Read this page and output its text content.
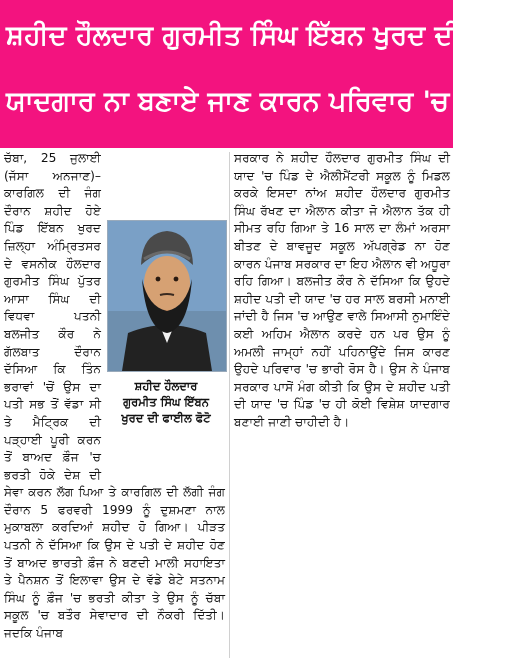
ਸ਼ਹੀਦ ਹੌਲਦਾਰ ਗੁਰਮੀਤ ਸਿੰਘ ਇੱਬਨ ਖੁਰਦ ਦੀ ਢੁਕਵੀਂ
ਯਾਦਗਾਰ ਨਾ ਬਣਾਏ ਜਾਣ ਕਾਰਨ ਪਰਿਵਾਰ 'ਚ ਰੋਸ
ਸ਼ਹੀਦ ਹੌਲਦਾਰ
ਗੁਰਮੀਤ ਸਿੰਘ ਇੱਬਨ
ਖੁਰਦ ਦੀ ਫਾਈਲ ਫੋਟੋ

ਚੱਬਾ, 25 ਜੁਲਾਈ (ਜੱਸਾ ਅਨਜਾਣ)–ਕਾਰਗਿਲ ਦੀ ਜੰਗ ਦੌਰਾਨ ਸ਼ਹੀਦ ਹੋਏ ਪਿੰਡ ਇੱਬਨ ਖੁਰਦ ਜ਼ਿਲ੍ਹਾ ਅੰਮ੍ਰਿਤਸਰ ਦੇ ਵਸਨੀਕ ਹੌਲਦਾਰ ਗੁਰਮੀਤ ਸਿੰਘ ਪੁੱਤਰ ਆਸਾ ਸਿੰਘ ਦੀ ਵਿਧਵਾ ਪਤਨੀ ਬਲਜੀਤ ਕੌਰ ਨੇ ਗੱਲਬਾਤ ਦੌਰਾਨ ਦੱਸਿਆ ਕਿ ਤਿੰਨ ਭਰਾਵਾਂ 'ਚੋਂ ਉਸ ਦਾ ਪਤੀ ਸਭ ਤੋਂ ਵੱਡਾ ਸੀ ਤੇ ਮੈਟ੍ਰਿਕ ਦੀ ਪੜ੍ਹਾਈ ਪੂਰੀ ਕਰਨ ਤੋਂ ਬਾਅਦ ਫ਼ੌਜ 'ਚ ਭਰਤੀ ਹੋਕੇ ਦੇਸ਼ ਦੀ ਸੇਵਾ ਕਰਨ ਲੱਗ ਪਿਆ ਤੇ ਕਾਰਗਿਲ ਦੀ ਲੱਗੀ ਜੰਗ ਦੌਰਾਨ 5 ਫਰਵਰੀ 1999 ਨੂੰ ਦੁਸ਼ਮਣਾ ਨਾਲ ਮੁਕਾਬਲਾ ਕਰਦਿਆਂ ਸ਼ਹੀਦ ਹੋ ਗਿਆ। ਪੀੜਤ ਪਤਨੀ ਨੇ ਦੱਸਿਆ ਕਿ ਉਸ ਦੇ ਪਤੀ ਦੇ ਸ਼ਹੀਦ ਹੋਣ ਤੋਂ ਬਾਅਦ ਭਾਰਤੀ ਫ਼ੌਜ ਨੇ ਬਣਦੀ ਮਾਲੀ ਸਹਾਇਤਾ ਤੇ ਪੈਨਸ਼ਨ ਤੋਂ ਇਲਾਵਾ ਉਸ ਦੇ ਵੱਡੇ ਬੇਟੇ ਸਤਨਾਮ ਸਿੰਘ ਨੂੰ ਫ਼ੌਜ 'ਚ ਭਰਤੀ ਕੀਤਾ ਤੇ ਉਸ ਨੂੰ ਚੱਬਾ ਸਕੂਲ 'ਚ ਬਤੌਰ ਸੇਵਾਦਾਰ ਦੀ ਨੌਕਰੀ ਦਿੱਤੀ। ਜਦਕਿ ਪੰਜਾਬ

ਸਰਕਾਰ ਨੇ ਸ਼ਹੀਦ ਹੌਲਦਾਰ ਗੁਰਮੀਤ ਸਿੰਘ ਦੀ ਯਾਦ 'ਚ ਪਿੰਡ ਦੇ ਐਲੀਮੈਂਟਰੀ ਸਕੂਲ ਨੂੰ ਮਿਡਲ ਕਰਕੇ ਇਸਦਾ ਨਾਂਅ ਸ਼ਹੀਦ ਹੌਲਦਾਰ ਗੁਰਮੀਤ ਸਿੰਘ ਰੱਖਣ ਦਾ ਐਲਾਨ ਕੀਤਾ ਜੋ ਐਲਾਨ ਤੱਕ ਹੀ ਸੀਮਤ ਰਹਿ ਗਿਆ ਤੇ 16 ਸਾਲ ਦਾ ਲੰਮਾਂ ਅਰਸਾ ਬੀਤਣ ਦੇ ਬਾਵਜੂਦ ਸਕੂਲ ਅੱਪਗ੍ਰੇਡ ਨਾ ਹੋਣ ਕਾਰਨ ਪੰਜਾਬ ਸਰਕਾਰ ਦਾ ਇਹ ਐਲਾਨ ਵੀ ਅਧੂਰਾ ਰਹਿ ਗਿਆ। ਬਲਜੀਤ ਕੌਰ ਨੇ ਦੱਸਿਆ ਕਿ ਉਹਦੇ ਸ਼ਹੀਦ ਪਤੀ ਦੀ ਯਾਦ 'ਚ ਹਰ ਸਾਲ ਬਰਸੀ ਮਨਾਈ ਜਾਂਦੀ ਹੈ ਜਿਸ 'ਚ ਆਉਣ ਵਾਲੇ ਸਿਆਸੀ ਨੁਮਾਇੰਦੇ ਕਈ ਅਹਿਮ ਐਲਾਨ ਕਰਦੇ ਹਨ ਪਰ ਉਸ ਨੂੰ ਅਮਲੀ ਜਾਮ੍ਹਾਂ ਨਹੀਂ ਪਹਿਨਾਉਂਦੇ ਜਿਸ ਕਾਰਣ ਉਹਦੇ ਪਰਿਵਾਰ 'ਚ ਭਾਰੀ ਰੋਸ ਹੈ। ਉਸ ਨੇ ਪੰਜਾਬ ਸਰਕਾਰ ਪਾਸੋਂ ਮੰਗ ਕੀਤੀ ਕਿ ਉਸ ਦੇ ਸ਼ਹੀਦ ਪਤੀ ਦੀ ਯਾਦ 'ਚ ਪਿੰਡ 'ਚ ਹੀ ਕੋਈ ਵਿਸ਼ੇਸ਼ ਯਾਦਗਾਰ ਬਣਾਈ ਜਾਣੀ ਚਾਹੀਦੀ ਹੈ।
